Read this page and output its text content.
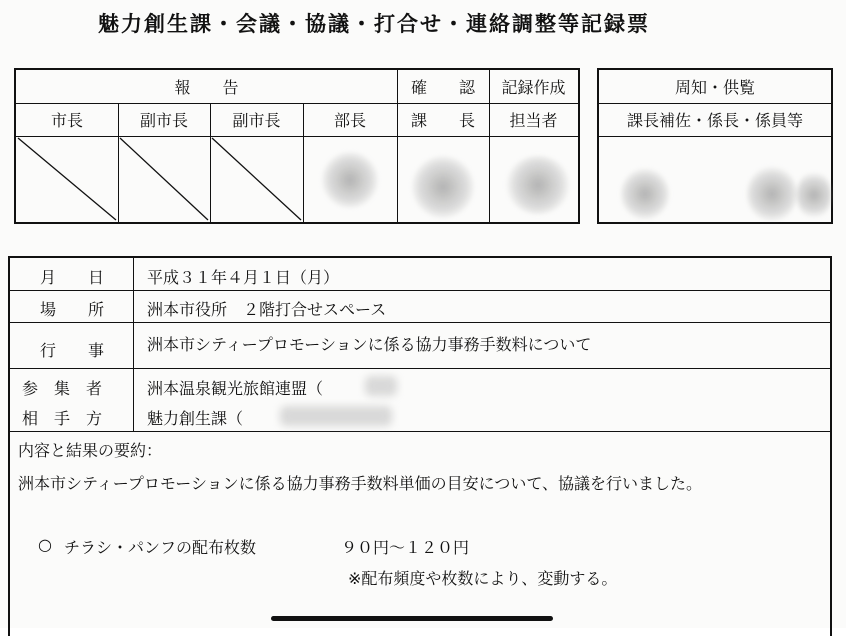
魅力創生課・会議・協議・打合せ・連絡調整等記録票
報　　告	確　　認	記録作成
市長	副市長	副市長	部長	課　　長	担当者
周知・供覧
課長補佐・係長・係員等
月　　日	平成３１年４月１日（月）
場　　所	洲本市役所　２階打合せスペース
行　　事	洲本市シティープロモーションに係る協力事務手数料について
参　集　者	洲本温泉観光旅館連盟（
相　手　方	魅力創生課（
内容と結果の要約：
洲本市シティープロモーションに係る協力事務手数料単価の目安について、協議を行いました。
○ チラシ・パンフの配布枚数	９０円～１２０円
※配布頻度や枚数により、変動する。
